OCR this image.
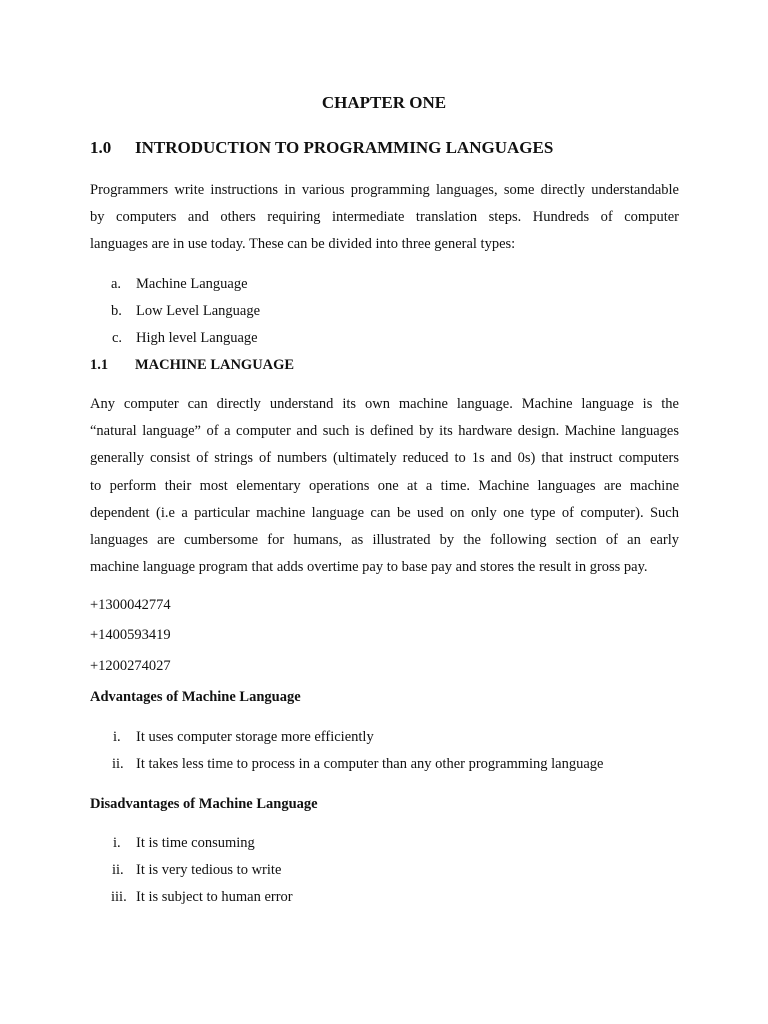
CHAPTER ONE
1.0 INTRODUCTION TO PROGRAMMING LANGUAGES
Programmers write instructions in various programming languages, some directly understandable
by computers and others requiring intermediate translation steps. Hundreds of computer
languages are in use today. These can be divided into three general types:
a. Machine Language
b. Low Level Language
c. High level Language
1.1 MACHINE LANGUAGE
Any computer can directly understand its own machine language. Machine language is the
“natural language” of a computer and such is defined by its hardware design. Machine languages
generally consist of strings of numbers (ultimately reduced to 1s and 0s) that instruct computers
to perform their most elementary operations one at a time. Machine languages are machine
dependent (i.e a particular machine language can be used on only one type of computer). Such
languages are cumbersome for humans, as illustrated by the following section of an early
machine language program that adds overtime pay to base pay and stores the result in gross pay.
+1300042774
+1400593419
+1200274027
Advantages of Machine Language
i. It uses computer storage more efficiently
ii. It takes less time to process in a computer than any other programming language
Disadvantages of Machine Language
i. It is time consuming
ii. It is very tedious to write
iii. It is subject to human error
